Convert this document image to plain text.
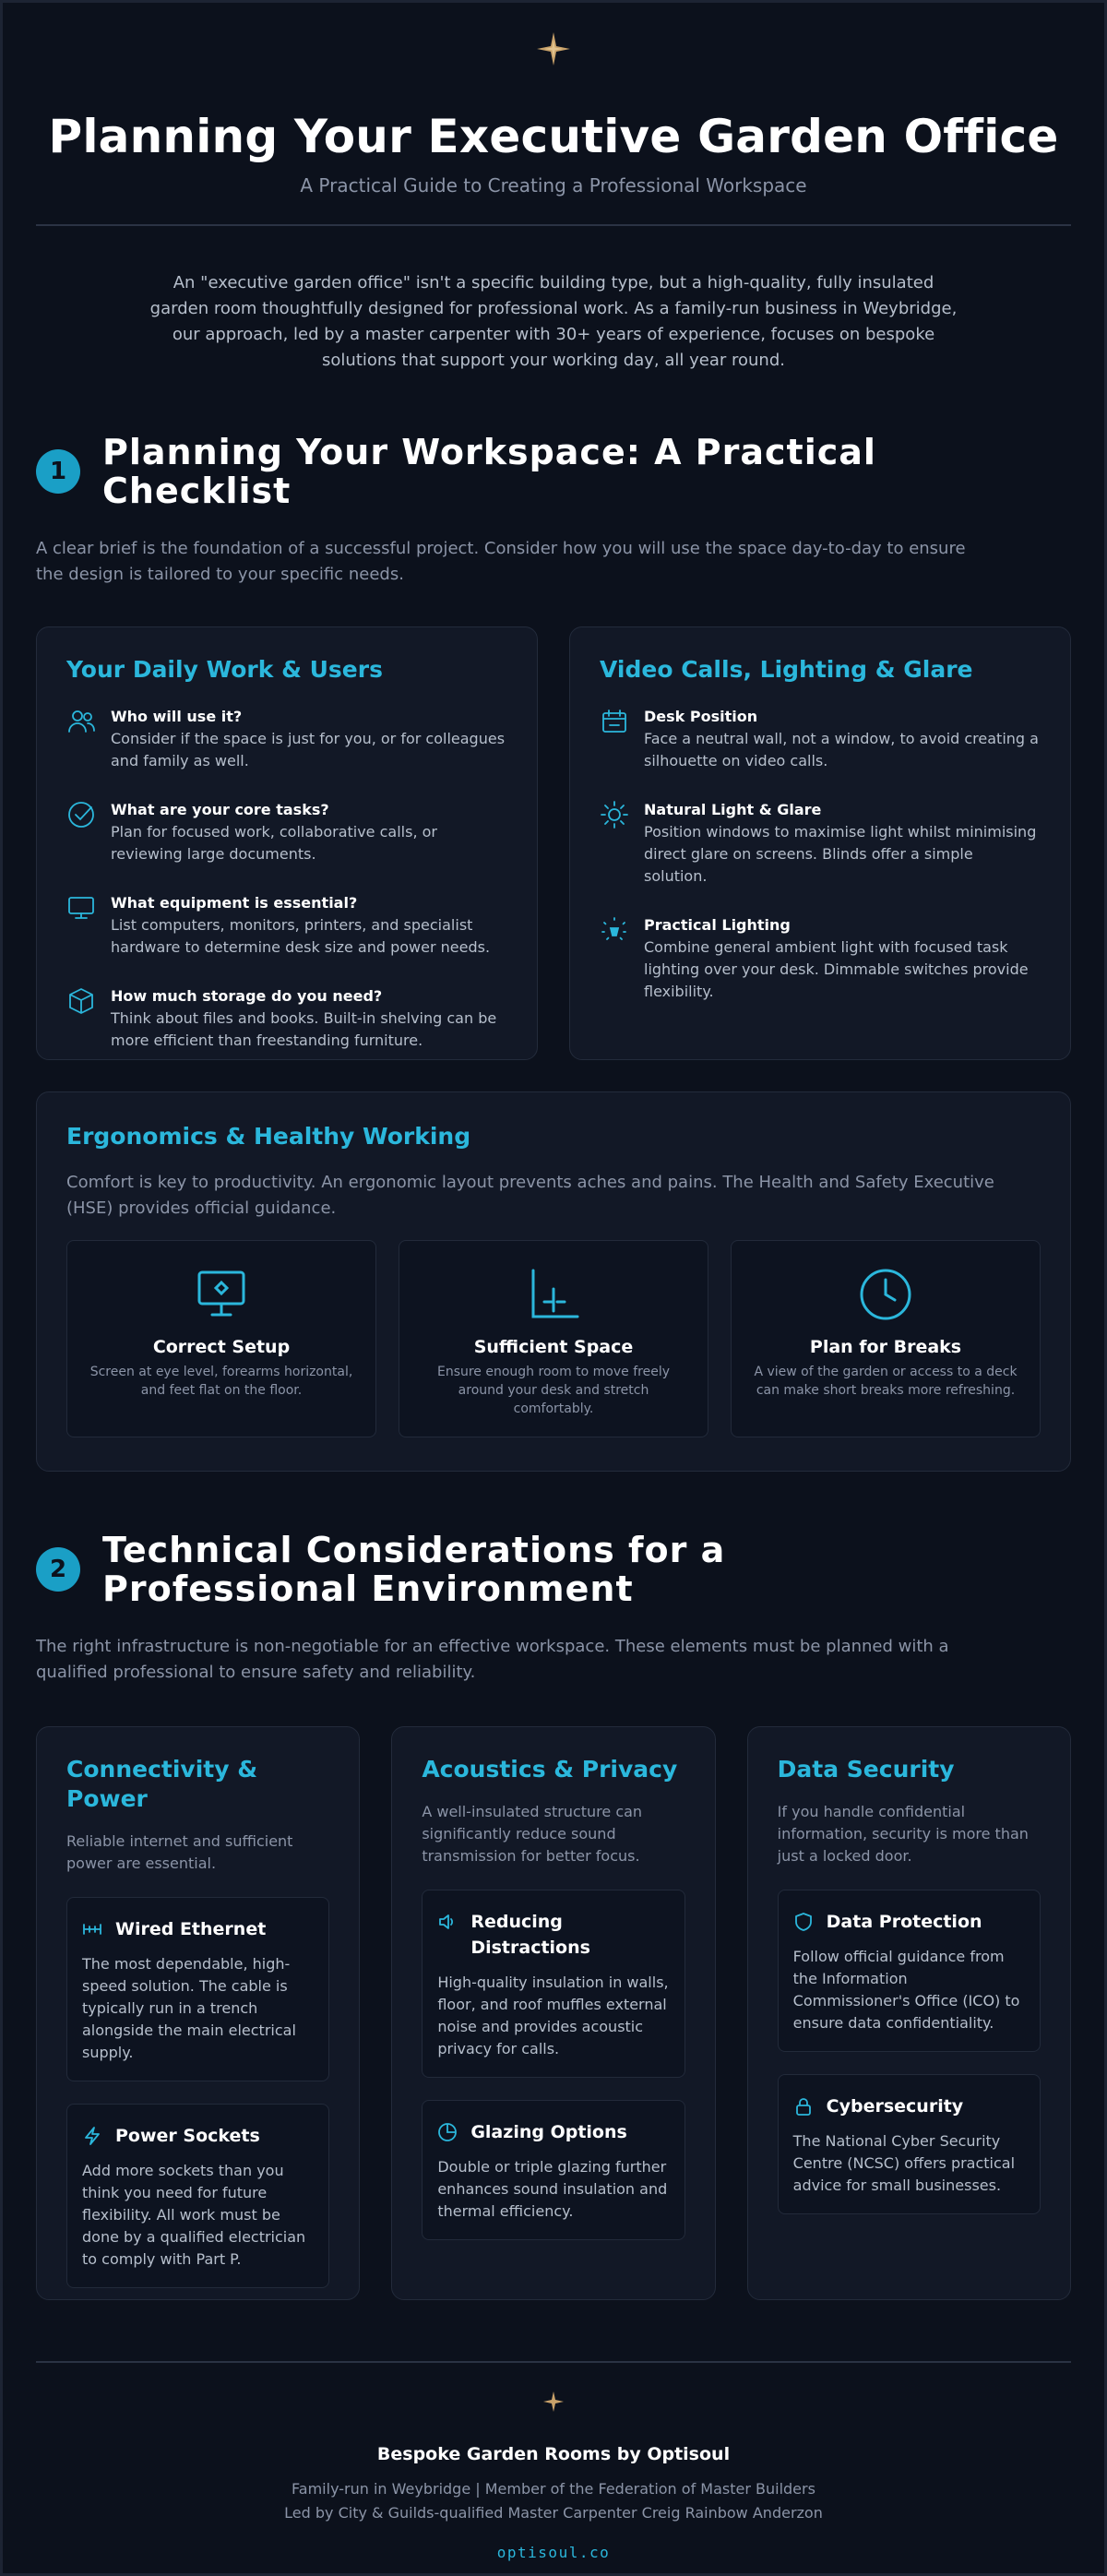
Planning Your Executive Garden Office
A Practical Guide to Creating a Professional Workspace

An "executive garden office" isn't a specific building type, but a high-quality, fully insulated garden room thoughtfully designed for professional work. As a family-run business in Weybridge, our approach, led by a master carpenter with 30+ years of experience, focuses on bespoke solutions that support your working day, all year round.

1	Planning Your Workspace: A Practical Checklist

A clear brief is the foundation of a successful project. Consider how you will use the space day-to-day to ensure the design is tailored to your specific needs.

Your Daily Work & Users
Who will use it?
Consider if the space is just for you, or for colleagues and family as well.
What are your core tasks?
Plan for focused work, collaborative calls, or reviewing large documents.
What equipment is essential?
List computers, monitors, printers, and specialist hardware to determine desk size and power needs.
How much storage do you need?
Think about files and books. Built-in shelving can be more efficient than freestanding furniture.
Video Calls, Lighting & Glare
Desk Position
Face a neutral wall, not a window, to avoid creating a silhouette on video calls.
Natural Light & Glare
Position windows to maximise light whilst minimising direct glare on screens. Blinds offer a simple solution.
Practical Lighting
Combine general ambient light with focused task lighting over your desk. Dimmable switches provide flexibility.
Ergonomics & Healthy Working

Comfort is key to productivity. An ergonomic layout prevents aches and pains. The Health and Safety Executive (HSE) provides official guidance.

Correct Setup
Screen at eye level, forearms horizontal, and feet flat on the floor.
Sufficient Space
Ensure enough room to move freely around your desk and stretch comfortably.
Plan for Breaks
A view of the garden or access to a deck can make short breaks more refreshing.
2	Technical Considerations for a Professional Environment

The right infrastructure is non-negotiable for an effective workspace. These elements must be planned with a qualified professional to ensure safety and reliability.

Connectivity & Power

Reliable internet and sufficient power are essential.

Wired Ethernet
The most dependable, high-speed solution. The cable is typically run in a trench alongside the main electrical supply.
Power Sockets
Add more sockets than you think you need for future flexibility. All work must be done by a qualified electrician to comply with Part P.
Acoustics & Privacy

A well-insulated structure can significantly reduce sound transmission for better focus.

Reducing Distractions
High-quality insulation in walls, floor, and roof muffles external noise and provides acoustic privacy for calls.
Glazing Options
Double or triple glazing further enhances sound insulation and thermal efficiency.
Data Security

If you handle confidential information, security is more than just a locked door.

Data Protection
Follow official guidance from the Information Commissioner's Office (ICO) to ensure data confidentiality.
Cybersecurity
The National Cyber Security Centre (NCSC) offers practical advice for small businesses.
Bespoke Garden Rooms by Optisoul
Family-run in Weybridge | Member of the Federation of Master Builders
Led by City & Guilds-qualified Master Carpenter Creig Rainbow Anderzon
optisoul.co
